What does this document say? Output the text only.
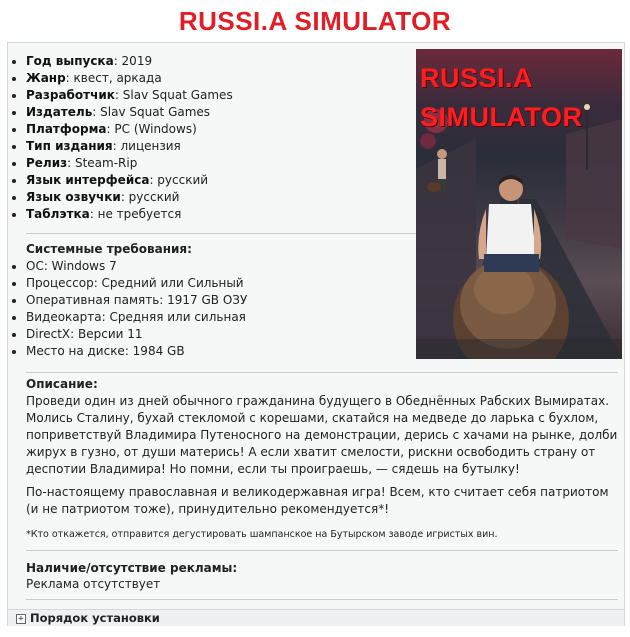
RUSSI.A SIMULATOR
• Год выпуска: 2019
• Жанр: квест, аркада
• Разработчик: Slav Squat Games
• Издатель: Slav Squat Games
• Платформа: PC (Windows)
• Тип издания: лицензия
• Релиз: Steam-Rip
• Язык интерфейса: русский
• Язык озвучки: русский
• Таблэтка: не требуется
Системные требования:
• ОС: Windows 7
• Процессор: Средний или Сильный
• Оперативная память: 1917 GB ОЗУ
• Видеокарта: Средняя или сильная
• DirectX: Версии 11
• Место на диске: 1984 GB
RUSSI.A
SIMULATOR
Описание:
Проведи один из дней обычного гражданина будущего в Обеднённых Рабских Вымиратах. Молись Сталину, бухай стекломой с корешами, скатайся на медведе до ларька с бухлом, поприветствуй Владимира Путеносного на демонстрации, дерись с хачами на рынке, долби жирух в гузно, от души матерись! А если хватит смелости, рискни освободить страну от деспотии Владимира! Но помни, если ты проиграешь, — сядешь на бутылку!
По-настоящему православная и великодержавная игра! Всем, кто считает себя патриотом (и не патриотом тоже), принудительно рекомендуется*!
*Кто откажется, отправится дегустировать шампанское на Бутырском заводе игристых вин.
Наличие/отсутствие рекламы:
Реклама отсутствует
+ Порядок установки
